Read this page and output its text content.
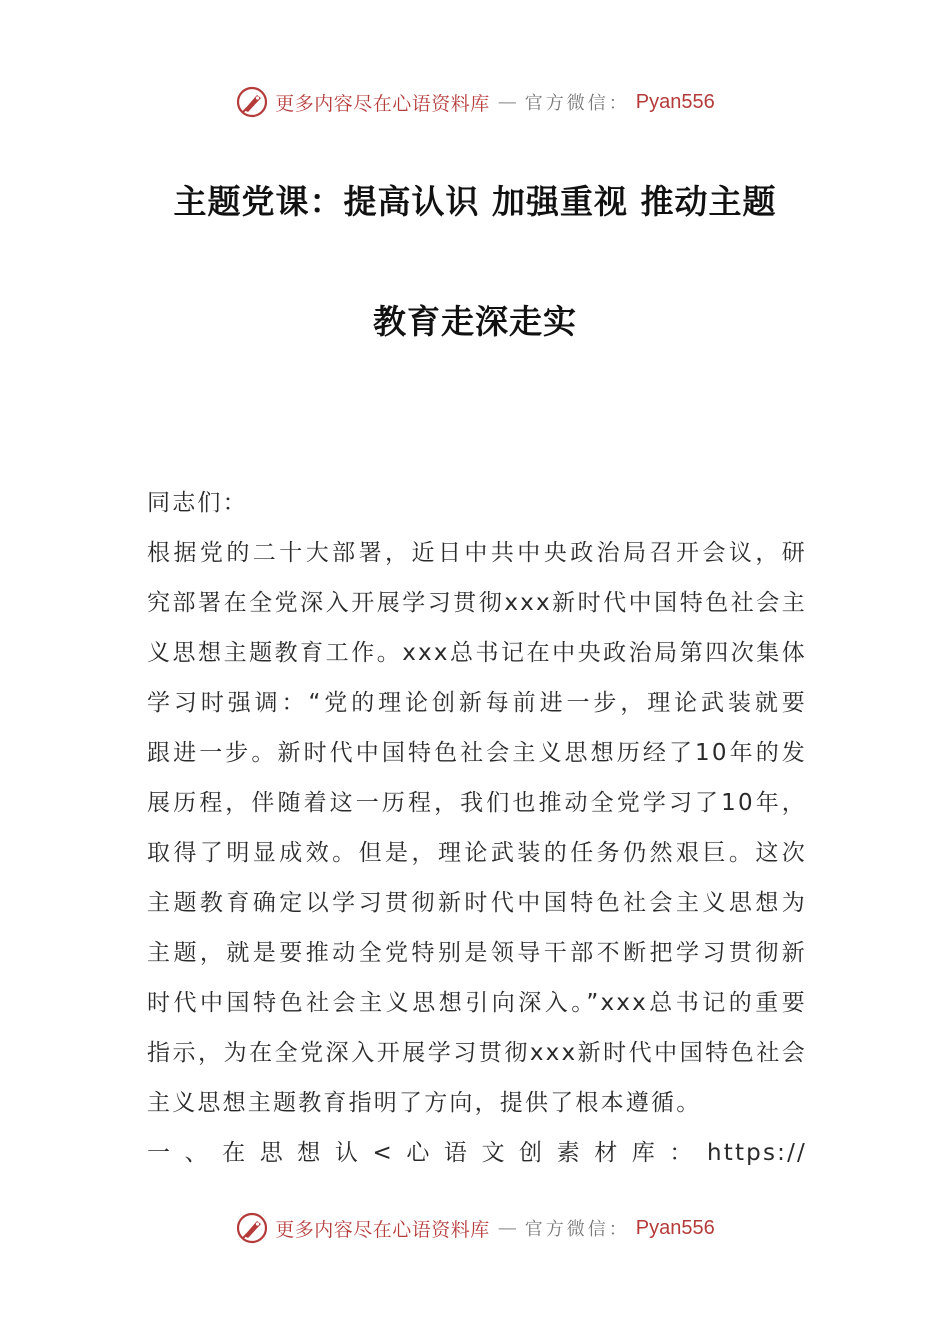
更多内容尽在心语资料库 — 官方微信： Pyan556
主题党课：提高认识 加强重视 推动主题
教育走深走实
同志们：
根据党的二十大部署，近日中共中央政治局召开会议，研
究部署在全党深入开展学习贯彻xxx新时代中国特色社会主
义思想主题教育工作。xxx总书记在中央政治局第四次集体
学习时强调：“党的理论创新每前进一步，理论武装就要
跟进一步。新时代中国特色社会主义思想历经了10年的发
展历程，伴随着这一历程，我们也推动全党学习了10年，
取得了明显成效。但是，理论武装的任务仍然艰巨。这次
主题教育确定以学习贯彻新时代中国特色社会主义思想为
主题，就是要推动全党特别是领导干部不断把学习贯彻新
时代中国特色社会主义思想引向深入。”xxx总书记的重要
指示，为在全党深入开展学习贯彻xxx新时代中国特色社会
主义思想主题教育指明了方向，提供了根本遵循。
一、在思想认<心语文创素材库：https://
更多内容尽在心语资料库 — 官方微信： Pyan556
